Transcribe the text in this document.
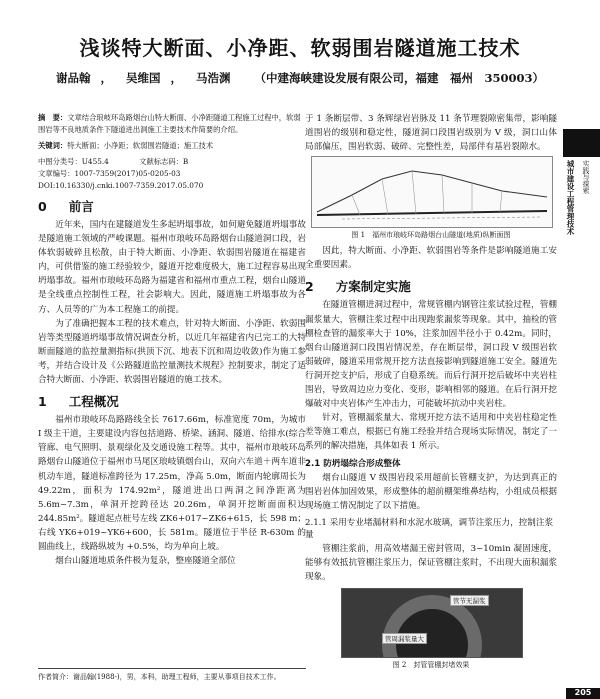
浅谈特大断面、小净距、软弱围岩隧道施工技术
谢品翰 ， 吴维国 ， 马浩渊 （中建海峡建设发展有限公司，福建　福州　350003）
摘　要：文章结合琅岐环岛路烟台山特大断面、小净距隧道工程施工过程中，软弱围岩等不良地质条件下隧道进出洞施工主要技术作简要的介绍。
关键词：特大断面；小净距；软弱围岩隧道；施工技术
中图分类号：U455.4	文献标志码：B
文章编号：1007-7359(2017)05-0205-03
DOI:10.16330/j.cnki.1007-7359.2017.05.070
0 前言

近年来，国内在建隧道发生多起坍塌事故，如何避免隧道坍塌事故是隧道施工领域的严峻课题。福州市琅岐环岛路烟台山隧道洞口段，岩体软弱破碎且松散，由于特大断面、小净距、软弱围岩隧道在福建省内，可供借鉴的施工经验较少，隧道开挖难度极大，施工过程容易出现坍塌事故。福州市琅岐环岛路为福建省和福州市重点工程，烟台山隧道是全线重点控制性工程，社会影响大。因此，隧道施工坍塌事故为各方、人员等的广为本工程施工的前提。

为了准确把握本工程的技术难点，针对特大断面、小净距、软弱围岩等类型隧道坍塌事故情况调查分析，以近几年福建省内已完工的大特断面隧道的监控量测指标(拱顶下沉、地表下沉和周边收敛)作为施工参考，并结合设计及《公路隧道监控量测技术规程》控制要求，制定了适合特大断面、小净距、软弱围岩隧道的施工技术。

1 工程概况

福州市琅岐环岛路路线全长 7617.66m，标准宽度 70m，为城市 I 级主干道，主要建设内容包括道路、桥梁、涵洞、隧道、给排水(综合管廊、电气照明、景观绿化及交通设施工程等。其中，福州市琅岐环岛路烟台山隧道位于福州市马尾区琅岐镇烟台山，双向六车道＋两车道非机动车道，隧道标准跨径为 17.25m，净高 5.0m，断面内轮廓周长为 49.22m，面积为 174.92m²，隧道进出口两洞之间净距离为 5.6m~7.3m，单洞开挖跨径达 20.26m，单洞开挖断面面积达 244.85m²。隧道起点桩号左线 ZK6+017~ZK6+615，长 598 m；右线 YK6+019~YK6+600，长 581m。隧道位于半径 R-630m 的圆曲线上，线路纵坡为 +0.5%，均为单向上坡。

烟台山隧道地质条件极为复杂，整座隧道全部位

作者简介：谢品翰(1988-)，男，本科，助理工程师，主要从事项目技术工作。

于 1 条断层带、3 条辉绿岩岩脉及 11 条节理裂隙密集带，影响隧道围岩的级别和稳定性，隧道洞口段围岩级别为 V 级，洞口山体局部偏压，围岩软弱、破碎、完整性差，局部伴有基岩裂隙水。

图 1　福州市琅岐环岛路烟台山隧道(地质)纵断面图

因此，特大断面、小净距、软弱围岩等条件是影响隧道施工安全重要因素。

2 方案制定实施

在隧道管棚进洞过程中，常规管棚内钢管注浆试验过程，管棚漏浆量大，管棚注浆过程中出现跑浆漏浆等现象。其中，抽检的管棚检查管的漏浆率大于 10%，注浆加固半径小于 0.42m。同时，烟台山隧道洞口段围岩情况差，存在断层带，洞口段 V 级围岩软弱破碎，隧道采用常规开挖方法直接影响到隧道施工安全。隧道先行洞开挖支护后，形成了自稳系统。而后行洞开挖后破坏中夹岩柱围岩，导致周边应力变化、变形，影响相邻的隧道。在后行洞开挖爆破对中夹岩体产生冲击力，可能破坏抗动中夹岩柱。

针对，管棚漏浆量大、常规开挖方法不适用和中夹岩柱稳定性差等施工难点，根据已有施工经验并结合现场实际情况，制定了一系列的解决措施，具体如表 1 所示。

2.1 防坍塌综合形成整体

烟台山隧道 V 级围岩段采用超前长管棚支护，为达到真正的围岩岩体加固效果，形成整体的超前棚架维鼻结构，小组成员根据现场施工情况制定了以下措施。

2.1.1 采用专业堵漏材料和水泥水玻璃，调节注浆压力，控制注浆量

管棚注浆前，用高效堵漏王密封管周，3~10min 凝固速度，能够有效抵抗管棚注浆压力，保证管棚注浆时，不出现大面积漏浆现象。

管周漏浆量大
管节无漏浆
图 2　封管管棚封堵效果
城市建设工程管理技术 实践与探索
205
